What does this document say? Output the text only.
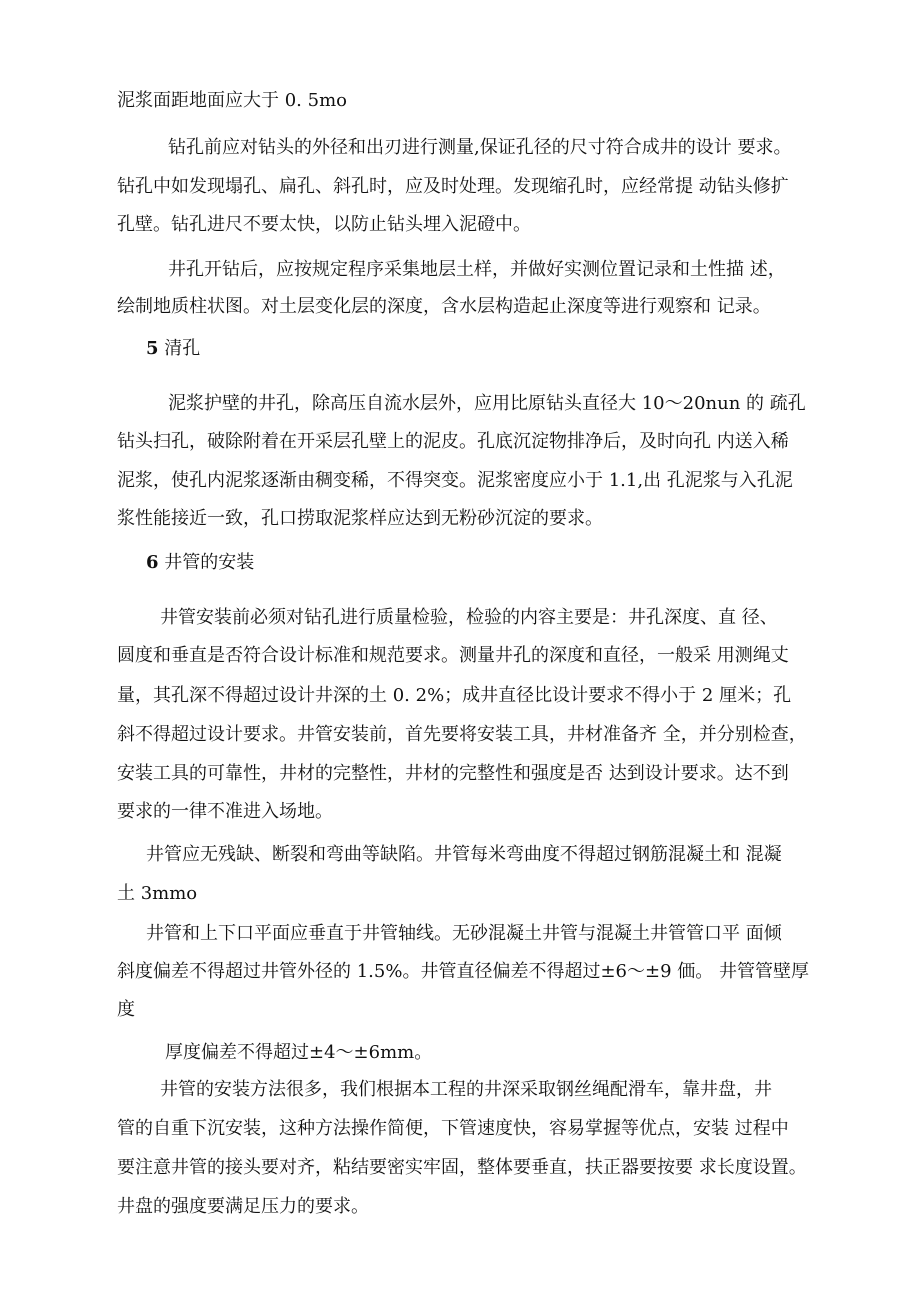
泥浆面距地面应大于 0. 5mo
钻孔前应对钻头的外径和出刃进行测量,保证孔径的尺寸符合成井的设计 要求。
钻孔中如发现塌孔、扁孔、斜孔时，应及时处理。发现缩孔时，应经常提 动钻头修扩
孔壁。钻孔进尺不要太快，以防止钻头埋入泥磴中。
井孔开钻后，应按规定程序采集地层土样，并做好实测位置记录和土性描 述，
绘制地质柱状图。对土层变化层的深度，含水层构造起止深度等进行观察和 记录。
5 清孔
泥浆护壁的井孔，除高压自流水层外，应用比原钻头直径大 10～20nun 的 疏孔
钻头扫孔，破除附着在开采层孔壁上的泥皮。孔底沉淀物排净后，及时向孔 内送入稀
泥浆，使孔内泥浆逐渐由稠变稀，不得突变。泥浆密度应小于 1.1,出 孔泥浆与入孔泥
浆性能接近一致，孔口捞取泥浆样应达到无粉砂沉淀的要求。
6 井管的安装
井管安装前必须对钻孔进行质量检验，检验的内容主要是：井孔深度、直 径、
圆度和垂直是否符合设计标准和规范要求。测量井孔的深度和直径，一般采 用测绳丈
量，其孔深不得超过设计井深的土 0. 2%；成井直径比设计要求不得小于 2 厘米；孔
斜不得超过设计要求。井管安装前，首先要将安装工具，井材准备齐 全，并分别检查，
安装工具的可靠性，井材的完整性，井材的完整性和强度是否 达到设计要求。达不到
要求的一律不准进入场地。
井管应无残缺、断裂和弯曲等缺陷。井管每米弯曲度不得超过钢筋混凝土和 混凝
土 3mmo
井管和上下口平面应垂直于井管轴线。无砂混凝土井管与混凝土井管管口平 面倾
斜度偏差不得超过井管外径的 1.5%。井管直径偏差不得超过±6～±9 価。 井管管壁厚
度
厚度偏差不得超过±4～±6mm。
井管的安装方法很多，我们根据本工程的井深采取钢丝绳配滑车，靠井盘，井
管的自重下沉安装，这种方法操作简便，下管速度快，容易掌握等优点，安装 过程中
要注意井管的接头要对齐，粘结要密实牢固，整体要垂直，扶正器要按要 求长度设置。
井盘的强度要满足压力的要求。
